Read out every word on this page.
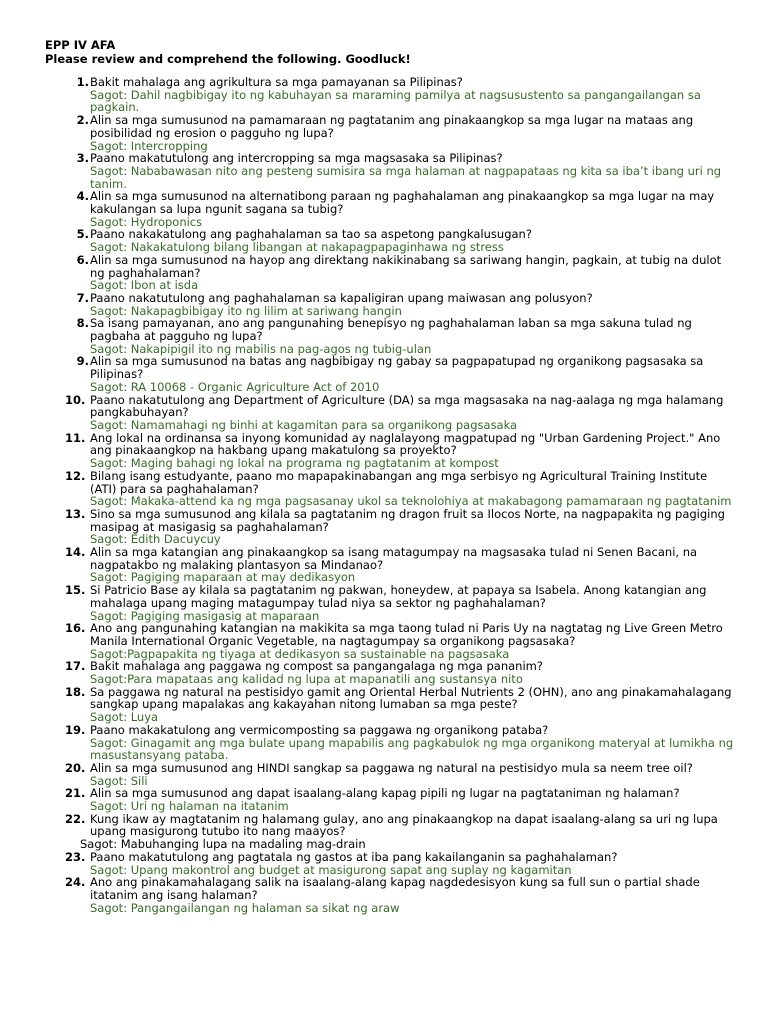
EPP IV AFA
Please review and comprehend the following. Goodluck!
1. Bakit mahalaga ang agrikultura sa mga pamayanan sa Pilipinas?

Sagot: Dahil nagbibigay ito ng kabuhayan sa maraming pamilya at nagsusustento sa pangangailangan sa pagkain.

2. Alin sa mga sumusunod na pamamaraan ng pagtatanim ang pinakaangkop sa mga lugar na mataas ang posibilidad ng erosion o pagguho ng lupa?

Sagot: Intercropping

3. Paano makatutulong ang intercropping sa mga magsasaka sa Pilipinas?

Sagot: Nababawasan nito ang pesteng sumisira sa mga halaman at nagpapataas ng kita sa iba’t ibang uri ng tanim.

4. Alin sa mga sumusunod na alternatibong paraan ng paghahalaman ang pinakaangkop sa mga lugar na may kakulangan sa lupa ngunit sagana sa tubig?

Sagot: Hydroponics

5. Paano nakakatulong ang paghahalaman sa tao sa aspetong pangkalusugan?

Sagot: Nakakatulong bilang libangan at nakapagpapaginhawa ng stress

6. Alin sa mga sumusunod na hayop ang direktang nakikinabang sa sariwang hangin, pagkain, at tubig na dulot ng paghahalaman?

Sagot: Ibon at isda

7. Paano nakatutulong ang paghahalaman sa kapaligiran upang maiwasan ang polusyon?

Sagot: Nakapagbibigay ito ng lilim at sariwang hangin

8. Sa isang pamayanan, ano ang pangunahing benepisyo ng paghahalaman laban sa mga sakuna tulad ng pagbaha at pagguho ng lupa?

Sagot: Nakapipigil ito ng mabilis na pag-agos ng tubig-ulan

9. Alin sa mga sumusunod na batas ang nagbibigay ng gabay sa pagpapatupad ng organikong pagsasaka sa Pilipinas?

Sagot: RA 10068 - Organic Agriculture Act of 2010

10. Paano nakatutulong ang Department of Agriculture (DA) sa mga magsasaka na nag-aalaga ng mga halamang pangkabuhayan?

Sagot: Namamahagi ng binhi at kagamitan para sa organikong pagsasaka

11. Ang lokal na ordinansa sa inyong komunidad ay naglalayong magpatupad ng "Urban Gardening Project." Ano ang pinakaangkop na hakbang upang makatulong sa proyekto?

Sagot: Maging bahagi ng lokal na programa ng pagtatanim at kompost

12. Bilang isang estudyante, paano mo mapapakinabangan ang mga serbisyo ng Agricultural Training Institute (ATI) para sa paghahalaman?

Sagot: Makaka-attend ka ng mga pagsasanay ukol sa teknolohiya at makabagong pamamaraan ng pagtatanim

13. Sino sa mga sumusunod ang kilala sa pagtatanim ng dragon fruit sa Ilocos Norte, na nagpapakita ng pagiging masipag at masigasig sa paghahalaman?

Sagot: Edith Dacuycuy

14. Alin sa mga katangian ang pinakaangkop sa isang matagumpay na magsasaka tulad ni Senen Bacani, na nagpatakbo ng malaking plantasyon sa Mindanao?

Sagot: Pagiging maparaan at may dedikasyon

15. Si Patricio Base ay kilala sa pagtatanim ng pakwan, honeydew, at papaya sa Isabela. Anong katangian ang mahalaga upang maging matagumpay tulad niya sa sektor ng paghahalaman?

Sagot: Pagiging masigasig at maparaan

16. Ano ang pangunahing katangian na makikita sa mga taong tulad ni Paris Uy na nagtatag ng Live Green Metro Manila International Organic Vegetable, na nagtagumpay sa organikong pagsasaka?

Sagot:Pagpapakita ng tiyaga at dedikasyon sa sustainable na pagsasaka

17. Bakit mahalaga ang paggawa ng compost sa pangangalaga ng mga pananim?

Sagot:Para mapataas ang kalidad ng lupa at mapanatili ang sustansya nito

18. Sa paggawa ng natural na pestisidyo gamit ang Oriental Herbal Nutrients 2 (OHN), ano ang pinakamahalagang sangkap upang mapalakas ang kakayahan nitong lumaban sa mga peste?

Sagot: Luya

19. Paano makakatulong ang vermicomposting sa paggawa ng organikong pataba?

Sagot: Ginagamit ang mga bulate upang mapabilis ang pagkabulok ng mga organikong materyal at lumikha ng masustansyang pataba.

20. Alin sa mga sumusunod ang HINDI sangkap sa paggawa ng natural na pestisidyo mula sa neem tree oil?

Sagot: Sili

21. Alin sa mga sumusunod ang dapat isaalang-alang kapag pipili ng lugar na pagtataniman ng halaman?

Sagot: Uri ng halaman na itatanim

22. Kung ikaw ay magtatanim ng halamang gulay, ano ang pinakaangkop na dapat isaalang-alang sa uri ng lupa upang masigurong tutubo ito nang maayos?

Sagot: Mabuhanging lupa na madaling mag-drain

23. Paano makatutulong ang pagtatala ng gastos at iba pang kakailanganin sa paghahalaman?

Sagot: Upang makontrol ang budget at masigurong sapat ang suplay ng kagamitan

24. Ano ang pinakamahalagang salik na isaalang-alang kapag nagdedesisyon kung sa full sun o partial shade itatanim ang isang halaman?

Sagot: Pangangailangan ng halaman sa sikat ng araw
